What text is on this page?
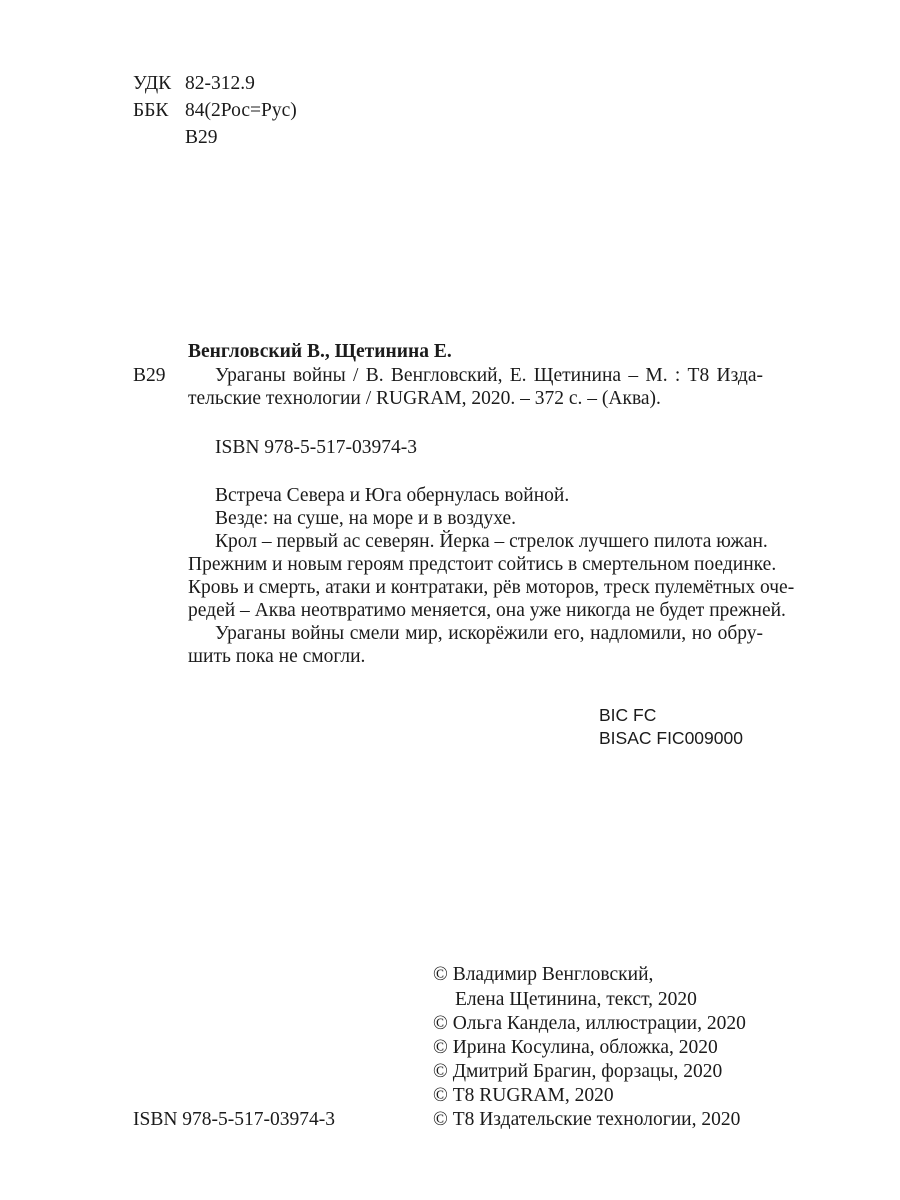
УДК 82-312.9
ББК 84(2Рос=Рус)
В29
Венгловский В., Щетинина Е.
В29	Ураганы войны / В. Венгловский, Е. Щетинина – М. : Т8 Изда-
тельские технологии / RUGRAM, 2020. – 372 с. – (Аква).
ISBN 978-5-517-03974-3
Встреча Севера и Юга обернулась войной.
Везде: на суше, на море и в воздухе.
Крол – первый ас северян. Йерка – стрелок лучшего пилота южан.
Прежним и новым героям предстоит сойтись в смертельном поединке.
Кровь и смерть, атаки и контратаки, рёв моторов, треск пулемётных оче-
редей – Аква неотвратимо меняется, она уже никогда не будет прежней.
Ураганы войны смели мир, искорёжили его, надломили, но обру-
шить пока не смогли.
BIC FC
BISAC FIC009000
© Владимир Венгловский,
Елена Щетинина, текст, 2020
© Ольга Кандела, иллюстрации, 2020
© Ирина Косулина, обложка, 2020
© Дмитрий Брагин, форзацы, 2020
© Т8 RUGRAM, 2020
© Т8 Издательские технологии, 2020
ISBN 978-5-517-03974-3
